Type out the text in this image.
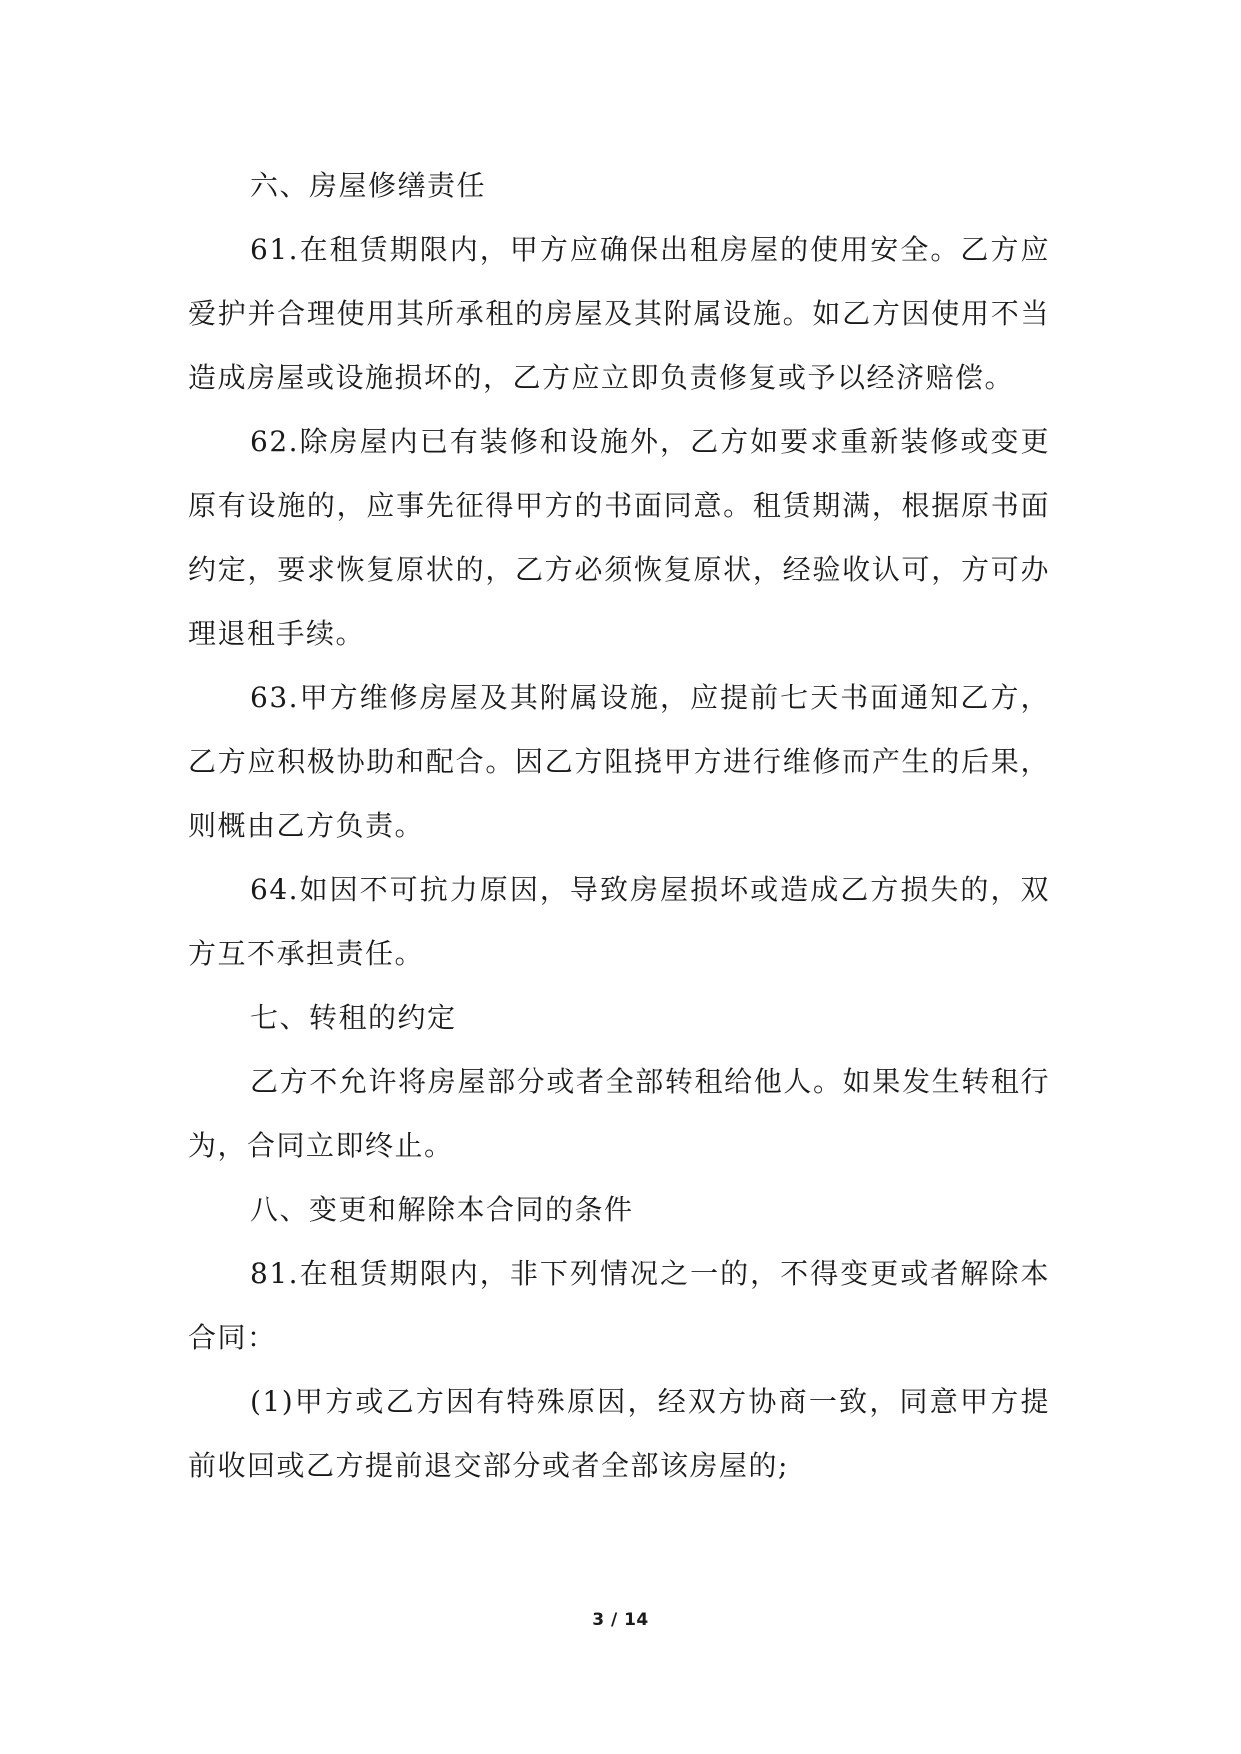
六、房屋修缮责任

61.在租赁期限内，甲方应确保出租房屋的使用安全。乙方应爱护并合理使用其所承租的房屋及其附属设施。如乙方因使用不当造成房屋或设施损坏的，乙方应立即负责修复或予以经济赔偿。

62.除房屋内已有装修和设施外，乙方如要求重新装修或变更原有设施的，应事先征得甲方的书面同意。租赁期满，根据原书面约定，要求恢复原状的，乙方必须恢复原状，经验收认可，方可办理退租手续。

63.甲方维修房屋及其附属设施，应提前七天书面通知乙方，乙方应积极协助和配合。因乙方阻挠甲方进行维修而产生的后果，则概由乙方负责。

64.如因不可抗力原因，导致房屋损坏或造成乙方损失的，双方互不承担责任。

七、转租的约定

乙方不允许将房屋部分或者全部转租给他人。如果发生转租行为，合同立即终止。

八、变更和解除本合同的条件

81.在租赁期限内，非下列情况之一的，不得变更或者解除本合同：

(1)甲方或乙方因有特殊原因，经双方协商一致，同意甲方提前收回或乙方提前退交部分或者全部该房屋的;

3 / 14
